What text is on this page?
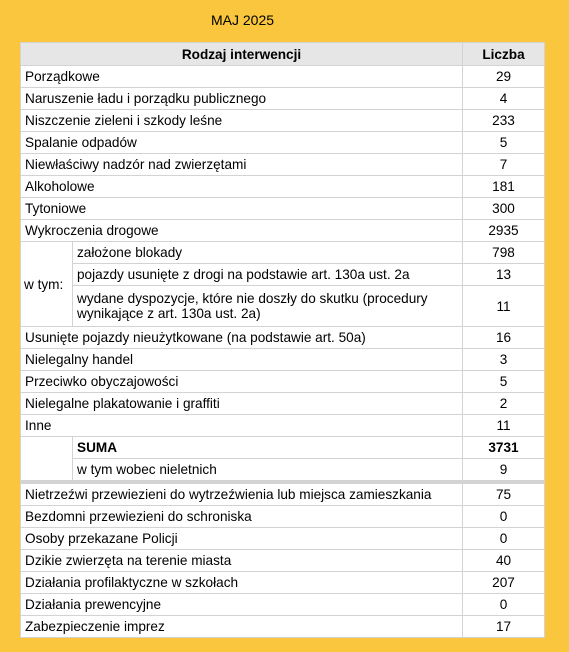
MAJ 2025
Rodzaj interwencji		Liczba
Porządkowe		29
Naruszenie ładu i porządku publicznego		4
Niszczenie zieleni i szkody leśne		233
Spalanie odpadów		5
Niewłaściwy nadzór nad zwierzętami		7
Alkoholowe		181
Tytoniowe		300
Wykroczenia drogowe		2935
w tym:	założone blokady	798
	pojazdy usunięte z drogi na podstawie art. 130a ust. 2a	13
	wydane dyspozycje, które nie doszły do skutku (procedury wynikające z art. 130a ust. 2a)	11
Usunięte pojazdy nieużytkowane (na podstawie art. 50a)		16
Nielegalny handel		3
Przeciwko obyczajowości		5
Nielegalne plakatowanie i graffiti		2
Inne		11
	SUMA	3731
	w tym wobec nieletnich	9
Nietrzeźwi przewiezieni do wytrzeźwienia lub miejsca zamieszkania		75
Bezdomni przewiezieni do schroniska		0
Osoby przekazane Policji		0
Dzikie zwierzęta na terenie miasta		40
Działania profilaktyczne w szkołach		207
Działania prewencyjne		0
Zabezpieczenie imprez		17
